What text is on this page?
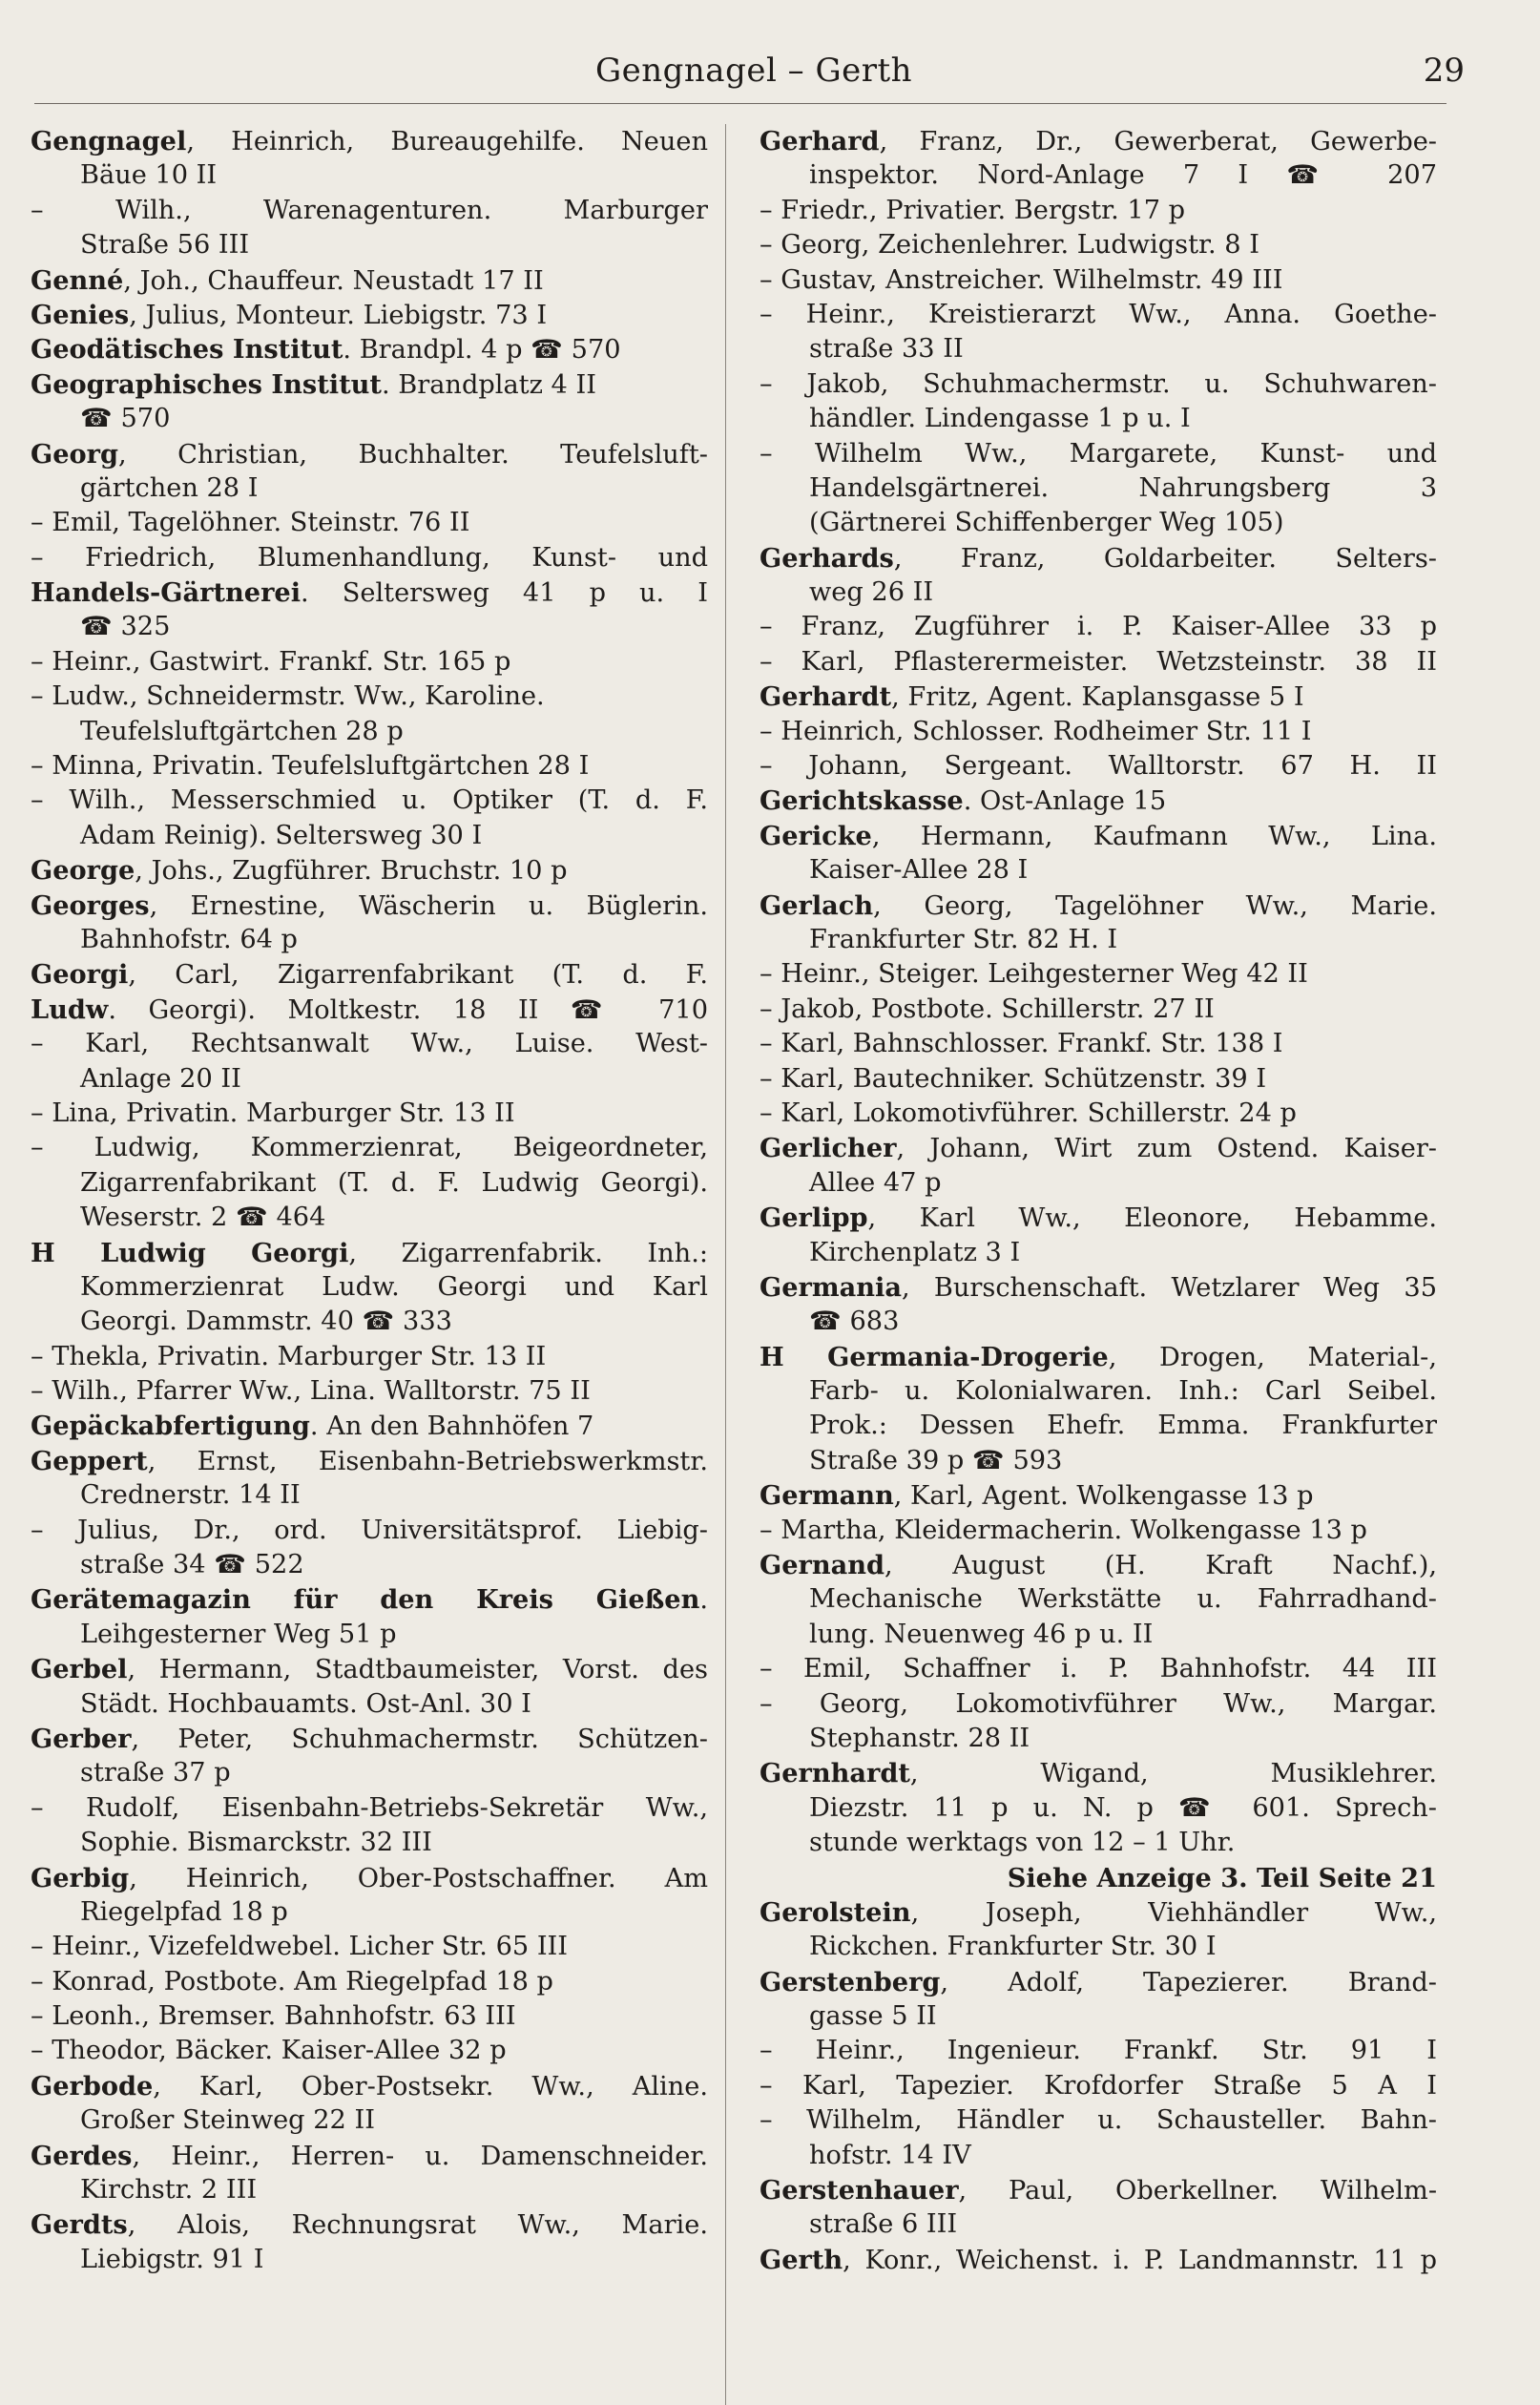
Gengnagel – Gerth	29
Gengnagel, Heinrich, Bureaugehilfe. Neuen
Bäue 10 II
– Wilh., Warenagenturen. Marburger
Straße 56 III
Genné, Joh., Chauffeur. Neustadt 17 II
Genies, Julius, Monteur. Liebigstr. 73 I
Geodätisches Institut. Brandpl. 4 p ☎ 570
Geographisches Institut. Brandplatz 4 II
☎ 570
Georg, Christian, Buchhalter. Teufelsluft-
gärtchen 28 I
– Emil, Tagelöhner. Steinstr. 76 II
– Friedrich, Blumenhandlung, Kunst- und
Handels-Gärtnerei. Seltersweg 41 p u. I
☎ 325
– Heinr., Gastwirt. Frankf. Str. 165 p
– Ludw., Schneidermstr. Ww., Karoline.
Teufelsluftgärtchen 28 p
– Minna, Privatin. Teufelsluftgärtchen 28 I
– Wilh., Messerschmied u. Optiker (T. d. F.
Adam Reinig). Seltersweg 30 I
George, Johs., Zugführer. Bruchstr. 10 p
Georges, Ernestine, Wäscherin u. Büglerin.
Bahnhofstr. 64 p
Georgi, Carl, Zigarrenfabrikant (T. d. F.
Ludw. Georgi). Moltkestr. 18 II ☎ 710
– Karl, Rechtsanwalt Ww., Luise. West-
Anlage 20 II
– Lina, Privatin. Marburger Str. 13 II
– Ludwig, Kommerzienrat, Beigeordneter,
Zigarrenfabrikant (T. d. F. Ludwig Georgi).
Weserstr. 2 ☎ 464
H Ludwig Georgi, Zigarrenfabrik. Inh.:
Kommerzienrat Ludw. Georgi und Karl
Georgi. Dammstr. 40 ☎ 333
– Thekla, Privatin. Marburger Str. 13 II
– Wilh., Pfarrer Ww., Lina. Walltorstr. 75 II
Gepäckabfertigung. An den Bahnhöfen 7
Geppert, Ernst, Eisenbahn-Betriebswerkmstr.
Crednerstr. 14 II
– Julius, Dr., ord. Universitätsprof. Liebig-
straße 34 ☎ 522
Gerätemagazin für den Kreis Gießen.
Leihgesterner Weg 51 p
Gerbel, Hermann, Stadtbaumeister, Vorst. des
Städt. Hochbauamts. Ost-Anl. 30 I
Gerber, Peter, Schuhmachermstr. Schützen-
straße 37 p
– Rudolf, Eisenbahn-Betriebs-Sekretär Ww.,
Sophie. Bismarckstr. 32 III
Gerbig, Heinrich, Ober-Postschaffner. Am
Riegelpfad 18 p
– Heinr., Vizefeldwebel. Licher Str. 65 III
– Konrad, Postbote. Am Riegelpfad 18 p
– Leonh., Bremser. Bahnhofstr. 63 III
– Theodor, Bäcker. Kaiser-Allee 32 p
Gerbode, Karl, Ober-Postsekr. Ww., Aline.
Großer Steinweg 22 II
Gerdes, Heinr., Herren- u. Damenschneider.
Kirchstr. 2 III
Gerdts, Alois, Rechnungsrat Ww., Marie.
Liebigstr. 91 I
Gerhard, Franz, Dr., Gewerberat, Gewerbe-
inspektor. Nord-Anlage 7 I ☎ 207
– Friedr., Privatier. Bergstr. 17 p
– Georg, Zeichenlehrer. Ludwigstr. 8 I
– Gustav, Anstreicher. Wilhelmstr. 49 III
– Heinr., Kreistierarzt Ww., Anna. Goethe-
straße 33 II
– Jakob, Schuhmachermstr. u. Schuhwaren-
händler. Lindengasse 1 p u. I
– Wilhelm Ww., Margarete, Kunst- und
Handelsgärtnerei. Nahrungsberg 3
(Gärtnerei Schiffenberger Weg 105)
Gerhards, Franz, Goldarbeiter. Selters-
weg 26 II
– Franz, Zugführer i. P. Kaiser-Allee 33 p
– Karl, Pflasterermeister. Wetzsteinstr. 38 II
Gerhardt, Fritz, Agent. Kaplansgasse 5 I
– Heinrich, Schlosser. Rodheimer Str. 11 I
– Johann, Sergeant. Walltorstr. 67 H. II
Gerichtskasse. Ost-Anlage 15
Gericke, Hermann, Kaufmann Ww., Lina.
Kaiser-Allee 28 I
Gerlach, Georg, Tagelöhner Ww., Marie.
Frankfurter Str. 82 H. I
– Heinr., Steiger. Leihgesterner Weg 42 II
– Jakob, Postbote. Schillerstr. 27 II
– Karl, Bahnschlosser. Frankf. Str. 138 I
– Karl, Bautechniker. Schützenstr. 39 I
– Karl, Lokomotivführer. Schillerstr. 24 p
Gerlicher, Johann, Wirt zum Ostend. Kaiser-
Allee 47 p
Gerlipp, Karl Ww., Eleonore, Hebamme.
Kirchenplatz 3 I
Germania, Burschenschaft. Wetzlarer Weg 35
☎ 683
H Germania-Drogerie, Drogen, Material-,
Farb- u. Kolonialwaren. Inh.: Carl Seibel.
Prok.: Dessen Ehefr. Emma. Frankfurter
Straße 39 p ☎ 593
Germann, Karl, Agent. Wolkengasse 13 p
– Martha, Kleidermacherin. Wolkengasse 13 p
Gernand, August (H. Kraft Nachf.),
Mechanische Werkstätte u. Fahrradhand-
lung. Neuenweg 46 p u. II
– Emil, Schaffner i. P. Bahnhofstr. 44 III
– Georg, Lokomotivführer Ww., Margar.
Stephanstr. 28 II
Gernhardt, Wigand, Musiklehrer.
Diezstr. 11 p u. N. p ☎ 601. Sprech-
stunde werktags von 12 – 1 Uhr.
Siehe Anzeige 3. Teil Seite 21
Gerolstein, Joseph, Viehhändler Ww.,
Rickchen. Frankfurter Str. 30 I
Gerstenberg, Adolf, Tapezierer. Brand-
gasse 5 II
– Heinr., Ingenieur. Frankf. Str. 91 I
– Karl, Tapezier. Krofdorfer Straße 5 A I
– Wilhelm, Händler u. Schausteller. Bahn-
hofstr. 14 IV
Gerstenhauer, Paul, Oberkellner. Wilhelm-
straße 6 III
Gerth, Konr., Weichenst. i. P. Landmannstr. 11 p
